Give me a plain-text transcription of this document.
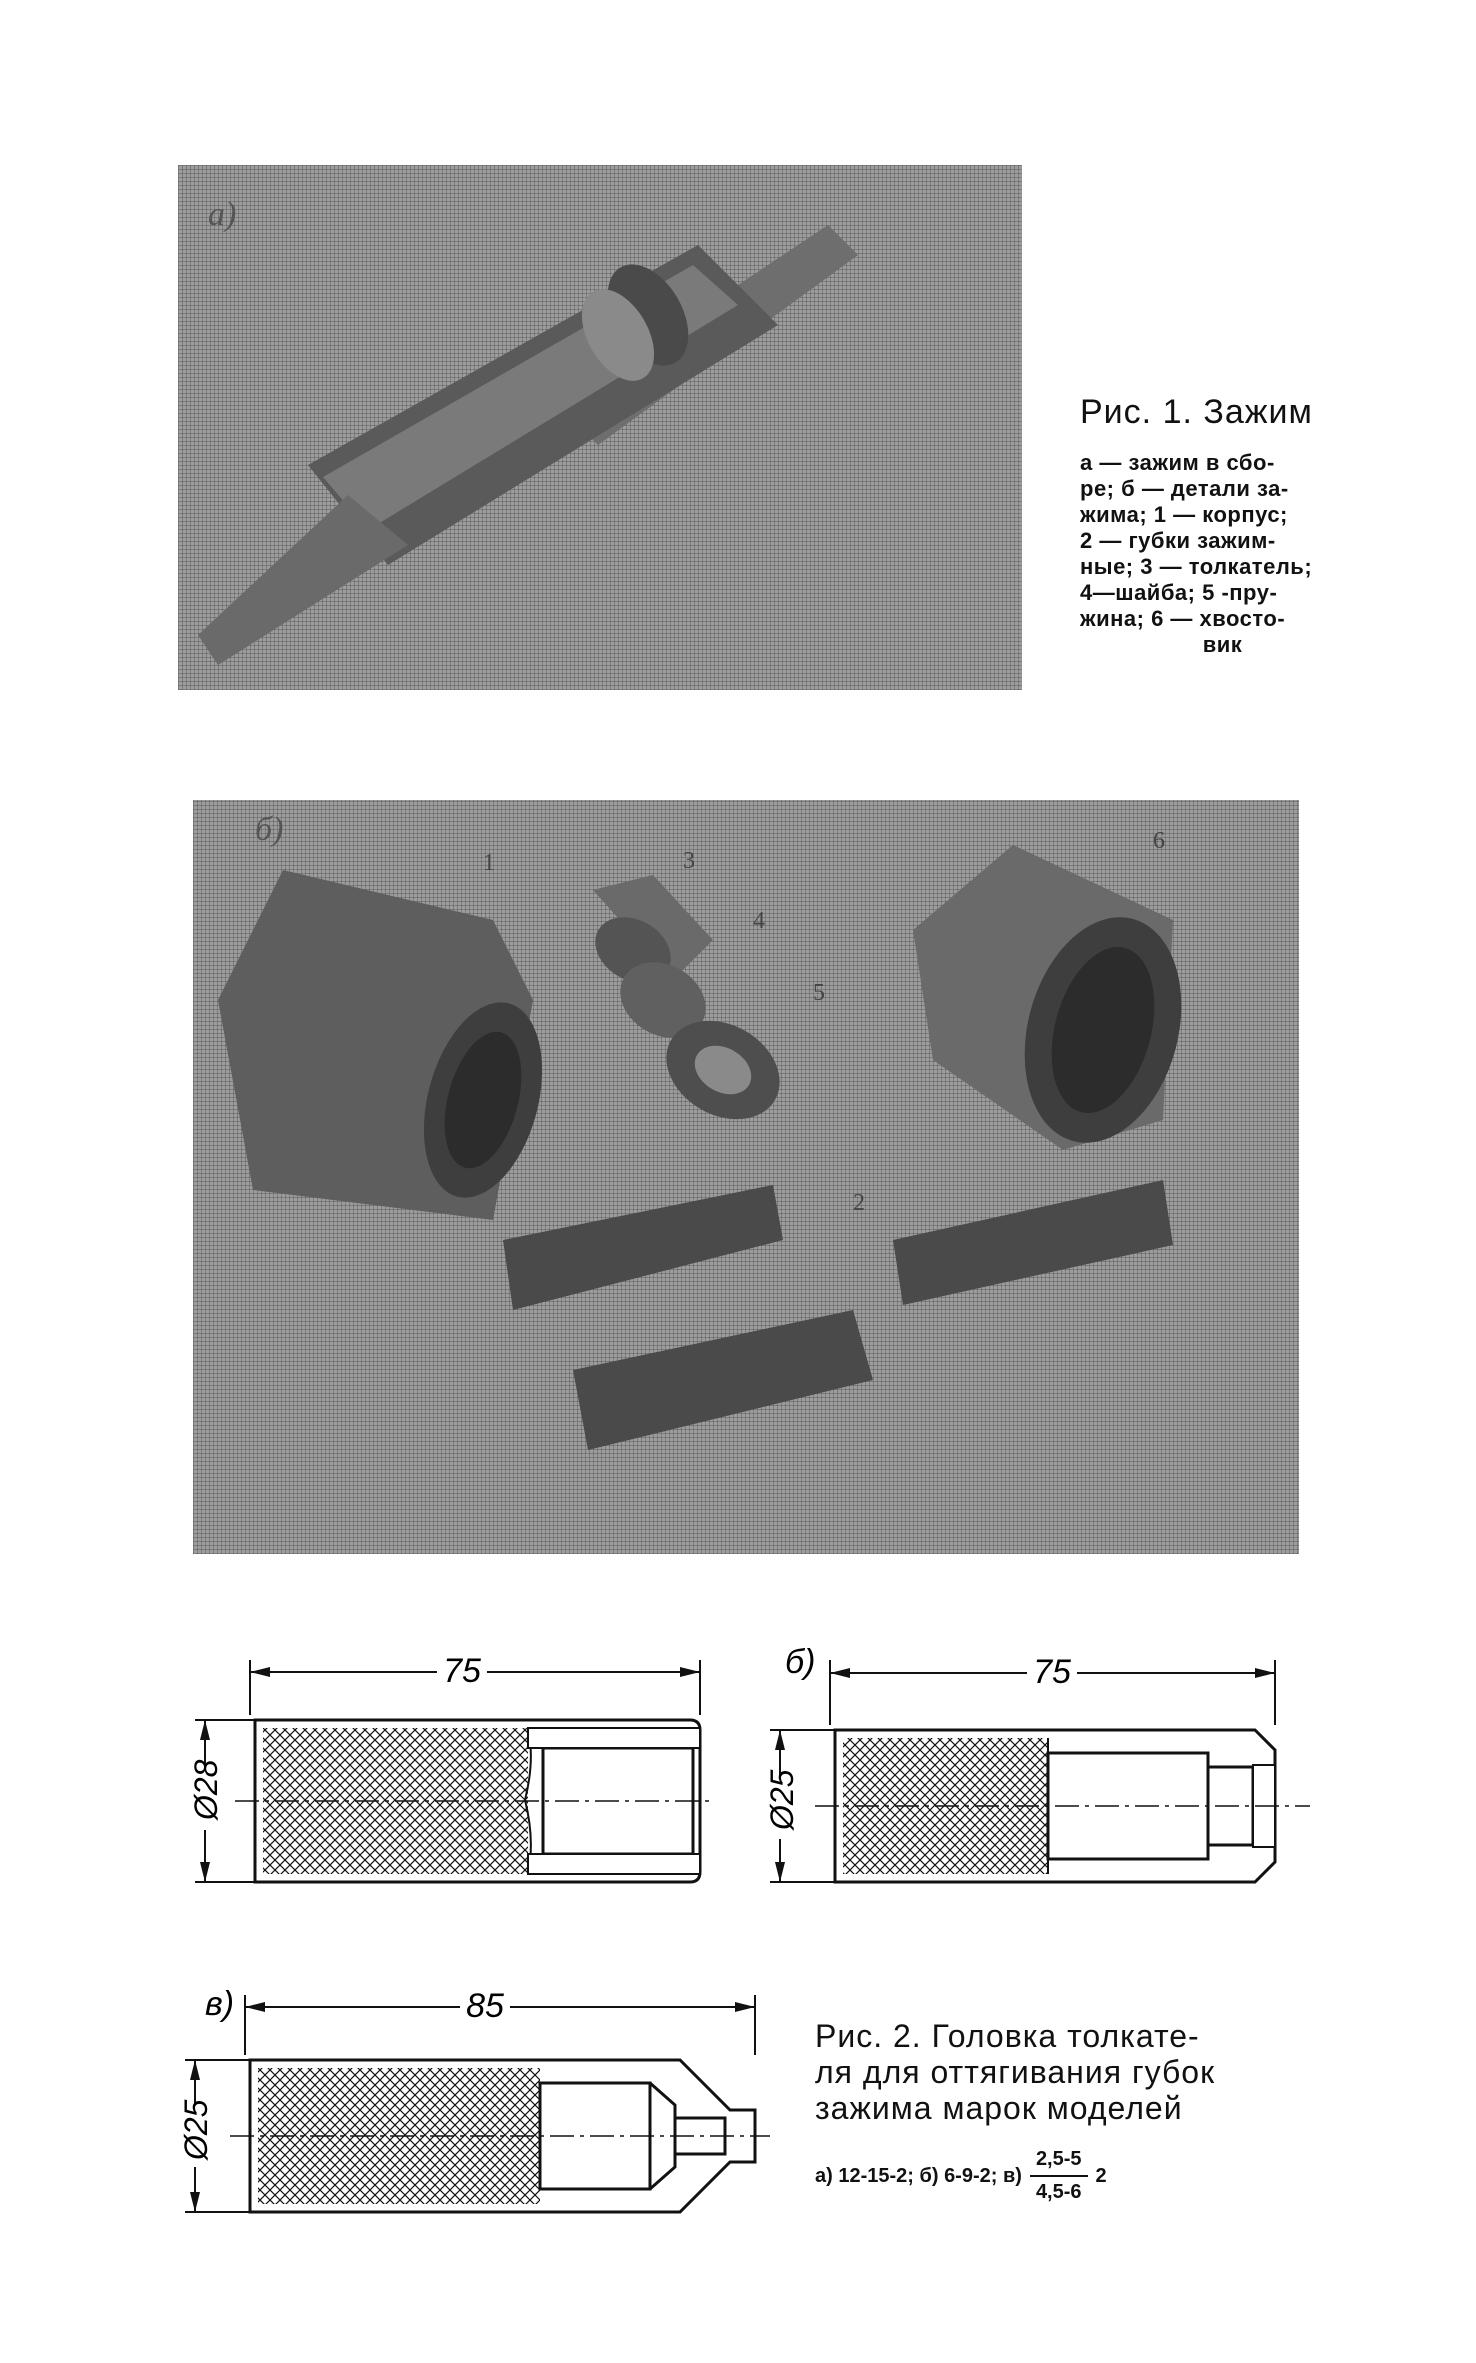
а)
Рис. 1. Зажим
а — зажим в сбо-
ре; б — детали за-
жима; 1 — корпус;
2 — губки зажим-
ные; 3 — толкатель;
4—шайба; 5 -пру-
жина; 6 — хвосто-
вик
б)
1	3
4
5
6
2
75
Ø28
б)	75
Ø25
в)	85
Ø25
Рис. 2. Головка толкате-
ля для оттягивания губок
зажима марок моделей
а) 12-15-2; б) 6-9-2; $в) \frac{2,5-5}{4,5-6} 2$
